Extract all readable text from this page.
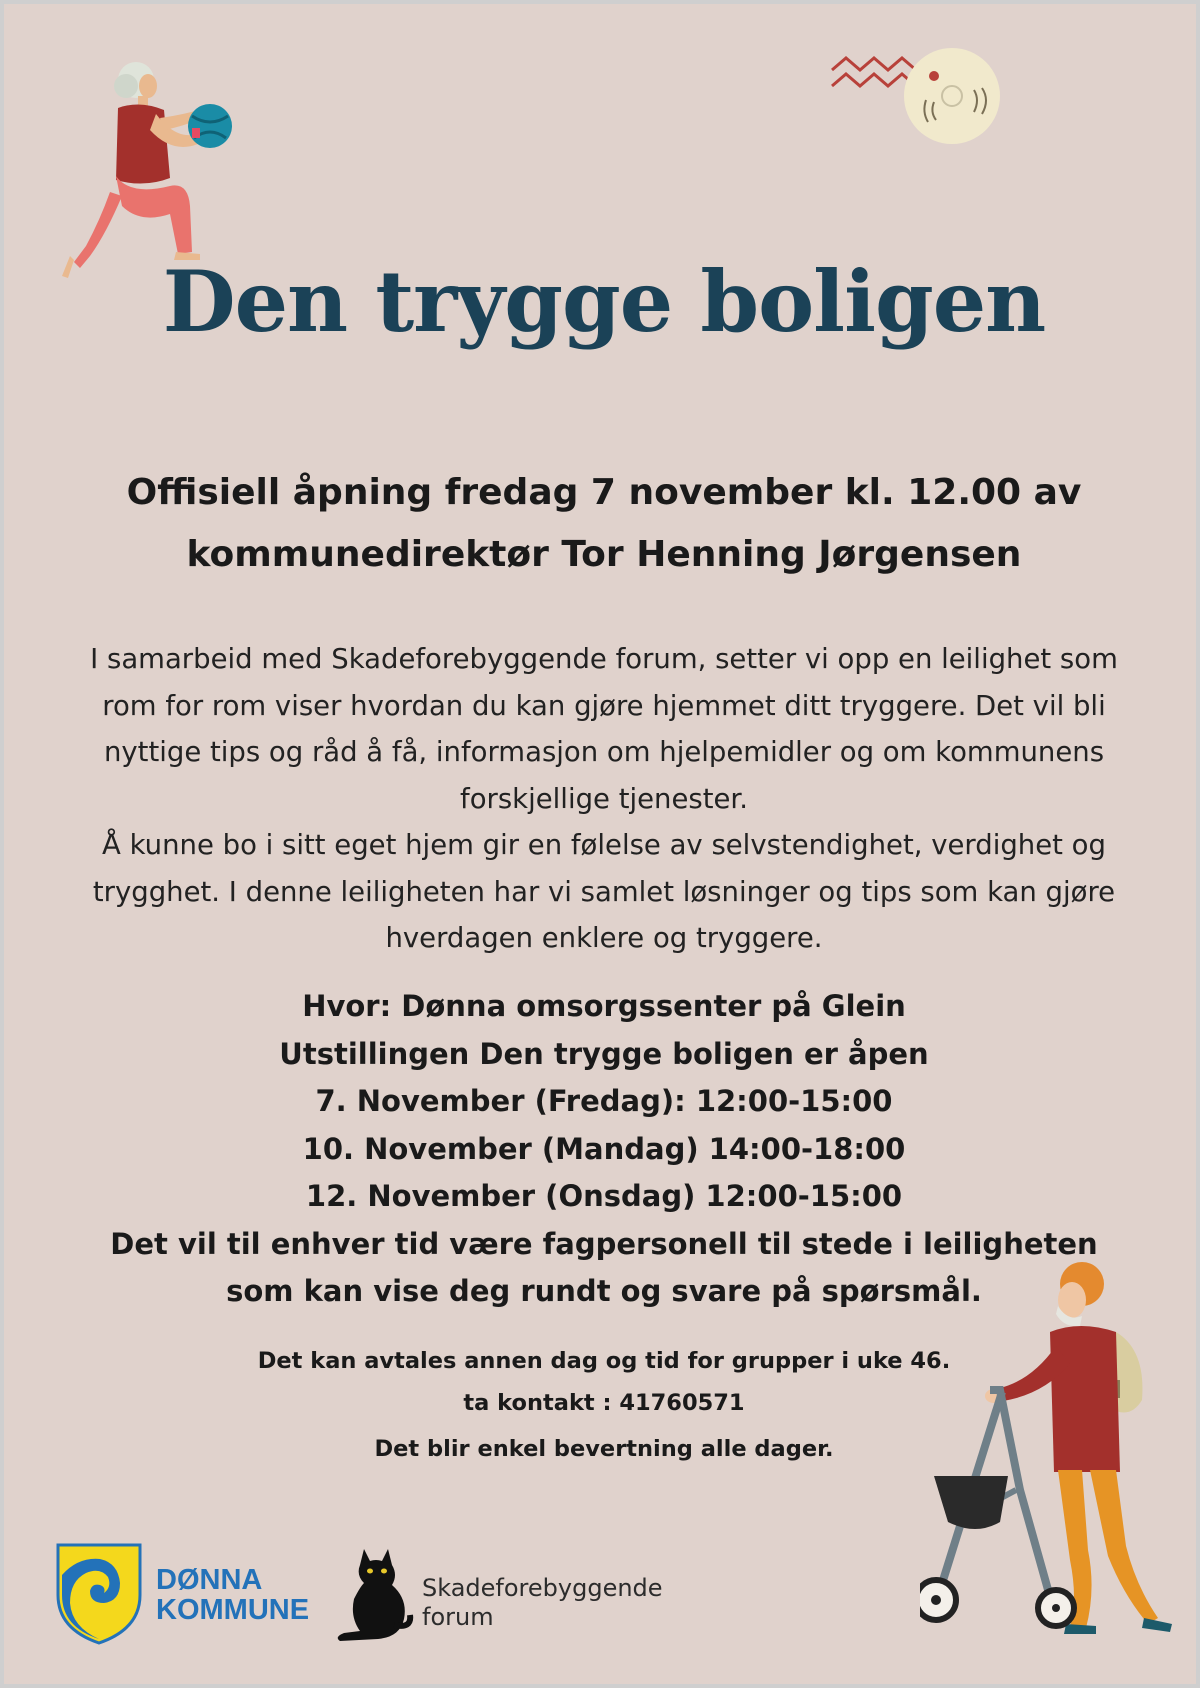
Den trygge boligen
Offisiell åpning fredag 7 november kl. 12.00 av
kommunedirektør Tor Henning Jørgensen

I samarbeid med Skadeforebyggende forum, setter vi opp en leilighet som rom for rom viser hvordan du kan gjøre hjemmet ditt tryggere. Det vil bli nyttige tips og råd å få, informasjon om hjelpemidler og om kommunens forskjellige tjenester.

Å kunne bo i sitt eget hjem gir en følelse av selvstendighet, verdighet og trygghet. I denne leiligheten har vi samlet løsninger og tips som kan gjøre hverdagen enklere og tryggere.

Hvor: Dønna omsorgssenter på Glein
Utstillingen Den trygge boligen er åpen
7. November (Fredag): 12:00-15:00
10. November (Mandag) 14:00-18:00
12. November (Onsdag) 12:00-15:00
Det vil til enhver tid være fagpersonell til stede i leiligheten som kan vise deg rundt og svare på spørsmål.
Det kan avtales annen dag og tid for grupper i uke 46.
ta kontakt : 41760571
Det blir enkel bevertning alle dager.
DØNNA
KOMMUNE
Skadeforebyggende
forum
